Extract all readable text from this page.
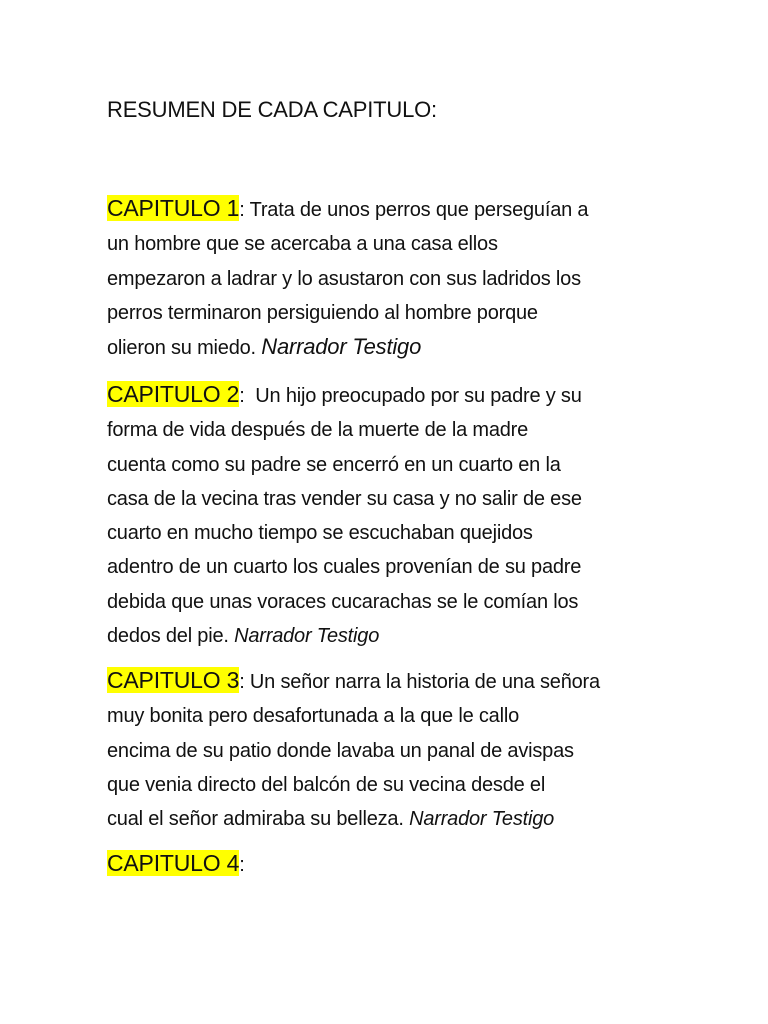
RESUMEN DE CADA CAPITULO:
CAPITULO 1: Trata de unos perros que perseguían a
un hombre que se acercaba a una casa ellos
empezaron a ladrar y lo asustaron con sus ladridos los
perros terminaron persiguiendo al hombre porque
olieron su miedo. Narrador Testigo
CAPITULO 2:  Un hijo preocupado por su padre y su
forma de vida después de la muerte de la madre
cuenta como su padre se encerró en un cuarto en la
casa de la vecina tras vender su casa y no salir de ese
cuarto en mucho tiempo se escuchaban quejidos
adentro de un cuarto los cuales provenían de su padre
debida que unas voraces cucarachas se le comían los
dedos del pie. Narrador Testigo
CAPITULO 3: Un señor narra la historia de una señora
muy bonita pero desafortunada a la que le callo
encima de su patio donde lavaba un panal de avispas
que venia directo del balcón de su vecina desde el
cual el señor admiraba su belleza. Narrador Testigo
CAPITULO 4:
